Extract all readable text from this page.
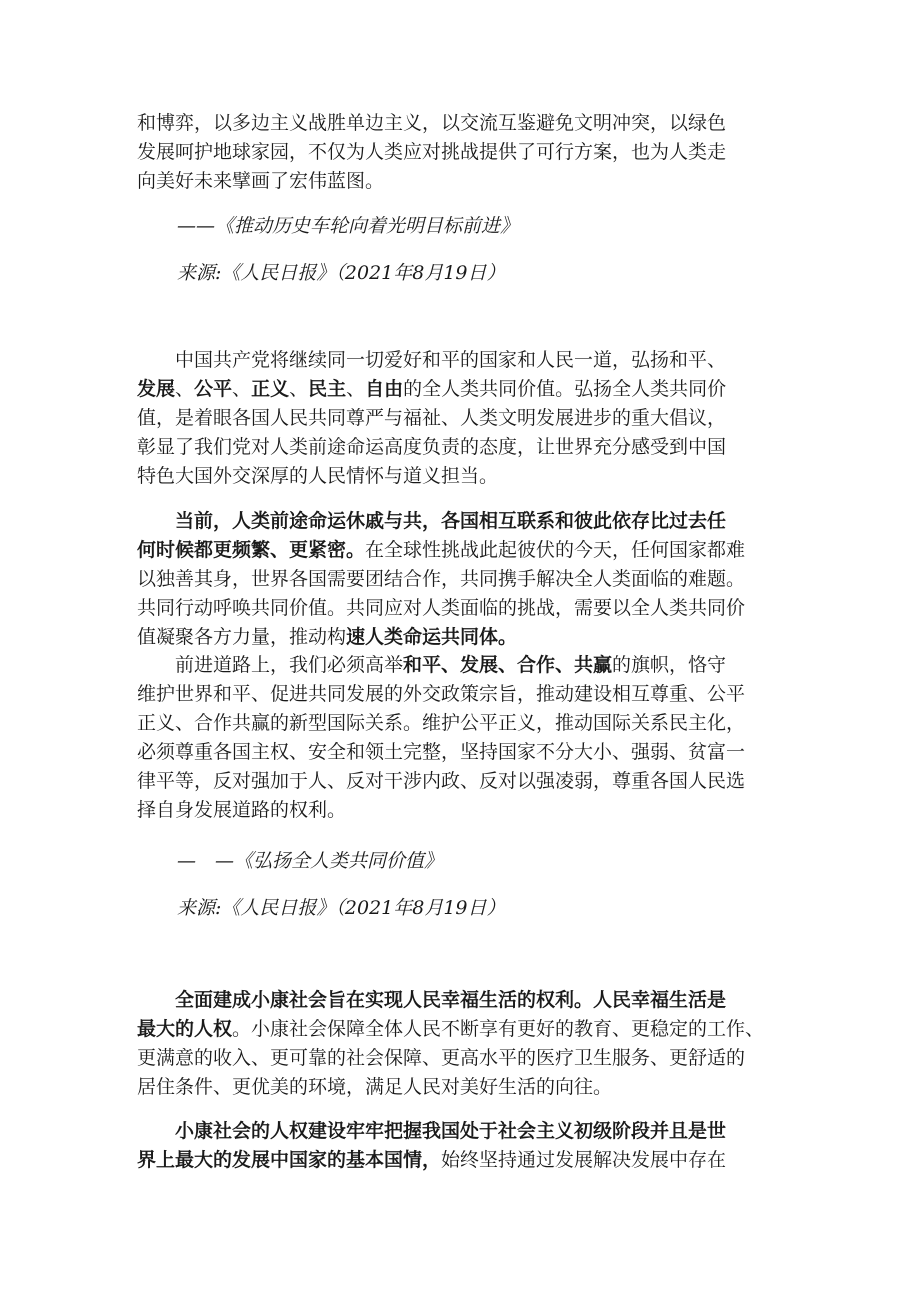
和博弈，以多边主义战胜单边主义，以交流互鉴避免文明冲突，以绿色
发展呵护地球家园，不仅为人类应对挑战提供了可行方案，也为人类走
向美好未来擘画了宏伟蓝图。

——《推动历史车轮向着光明目标前进》
来源:《人民日报》（2021年8月19日）

中国共产党将继续同一切爱好和平的国家和人民一道，弘扬和平、
发展、公平、正义、民主、自由的全人类共同价值。弘扬全人类共同价
值，是着眼各国人民共同尊严与福祉、人类文明发展进步的重大倡议，
彰显了我们党对人类前途命运高度负责的态度，让世界充分感受到中国
特色大国外交深厚的人民情怀与道义担当。

当前，人类前途命运休戚与共，各国相互联系和彼此依存比过去任
何时候都更频繁、更紧密。在全球性挑战此起彼伏的今天，任何国家都难
以独善其身，世界各国需要团结合作，共同携手解决全人类面临的难题。
共同行动呼唤共同价值。共同应对人类面临的挑战，需要以全人类共同价
值凝聚各方力量，推动构速人类命运共同体。

前进道路上，我们必须高举和平、发展、合作、共赢的旗帜，恪守
维护世界和平、促进共同发展的外交政策宗旨，推动建设相互尊重、公平
正义、合作共赢的新型国际关系。维护公平正义，推动国际关系民主化，
必须尊重各国主权、安全和领土完整，坚持国家不分大小、强弱、贫富一
律平等，反对强加于人、反对干涉内政、反对以强凌弱，尊重各国人民选
择自身发展道路的权利。

—　—《弘扬全人类共同价值》
来源:《人民日报》（2021年8月19日）

全面建成小康社会旨在实现人民幸福生活的权利。人民幸福生活是
最大的人权。小康社会保障全体人民不断享有更好的教育、更稳定的工作、
更满意的收入、更可靠的社会保障、更高水平的医疗卫生服务、更舒适的
居住条件、更优美的环境，满足人民对美好生活的向往。

小康社会的人权建设牢牢把握我国处于社会主义初级阶段并且是世
界上最大的发展中国家的基本国情，始终坚持通过发展解决发展中存在
